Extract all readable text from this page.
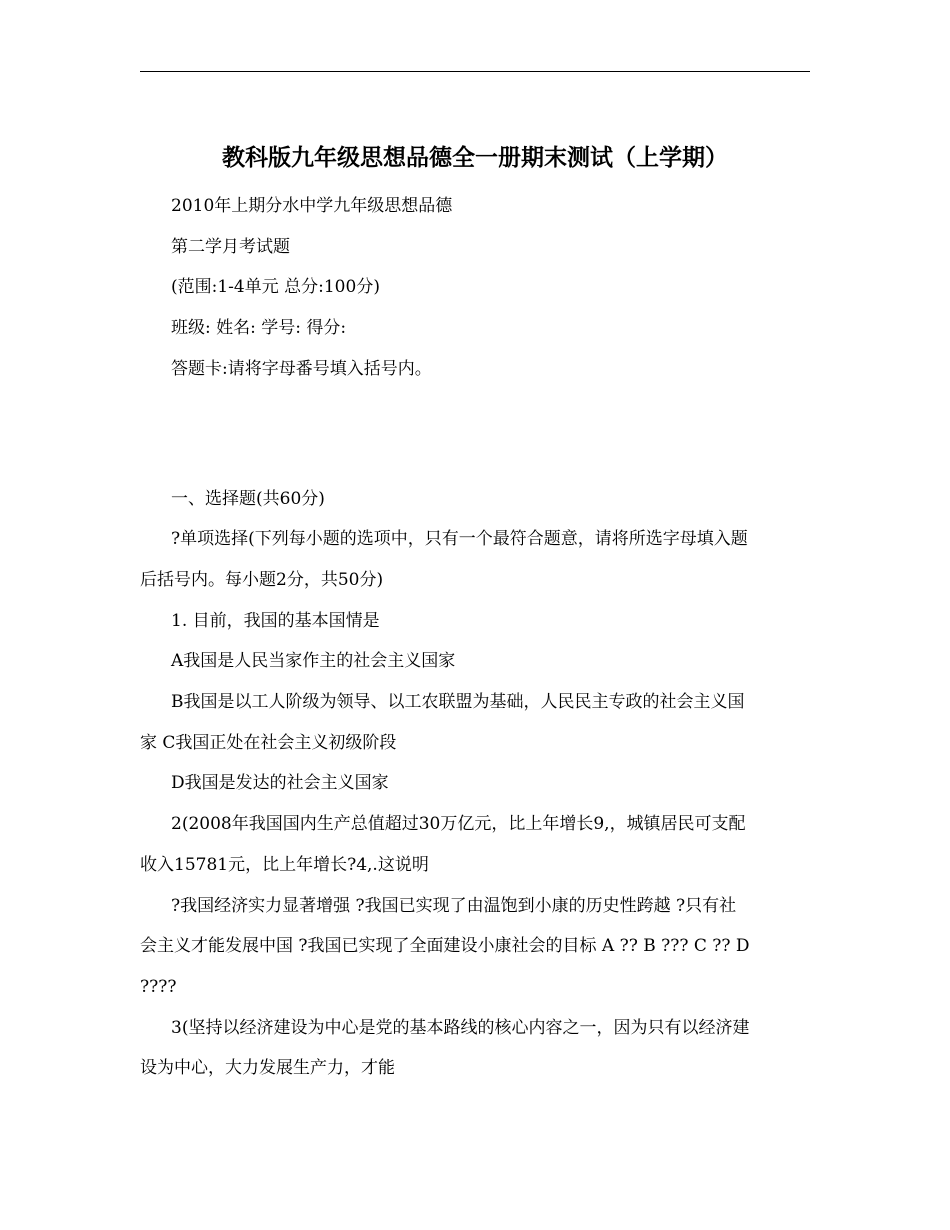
教科版九年级思想品德全一册期末测试（上学期）

2010年上期分水中学九年级思想品德

第二学月考试题

(范围:1-4单元 总分:100分)

班级: 姓名: 学号: 得分:

答题卡:请将字母番号填入括号内。

一、选择题(共60分)

?单项选择(下列每小题的选项中，只有一个最符合题意，请将所选字母填入题

后括号内。每小题2分，共50分)

1. 目前，我国的基本国情是

A我国是人民当家作主的社会主义国家

B我国是以工人阶级为领导、以工农联盟为基础，人民民主专政的社会主义国

家 C我国正处在社会主义初级阶段

D我国是发达的社会主义国家

2(2008年我国国内生产总值超过30万亿元，比上年增长9,，城镇居民可支配

收入15781元，比上年增长?4,.这说明

?我国经济实力显著增强 ?我国已实现了由温饱到小康的历史性跨越 ?只有社

会主义才能发展中国 ?我国已实现了全面建设小康社会的目标 A ?? B ??? C ?? D

????

3(坚持以经济建设为中心是党的基本路线的核心内容之一，因为只有以经济建

设为中心，大力发展生产力，才能
